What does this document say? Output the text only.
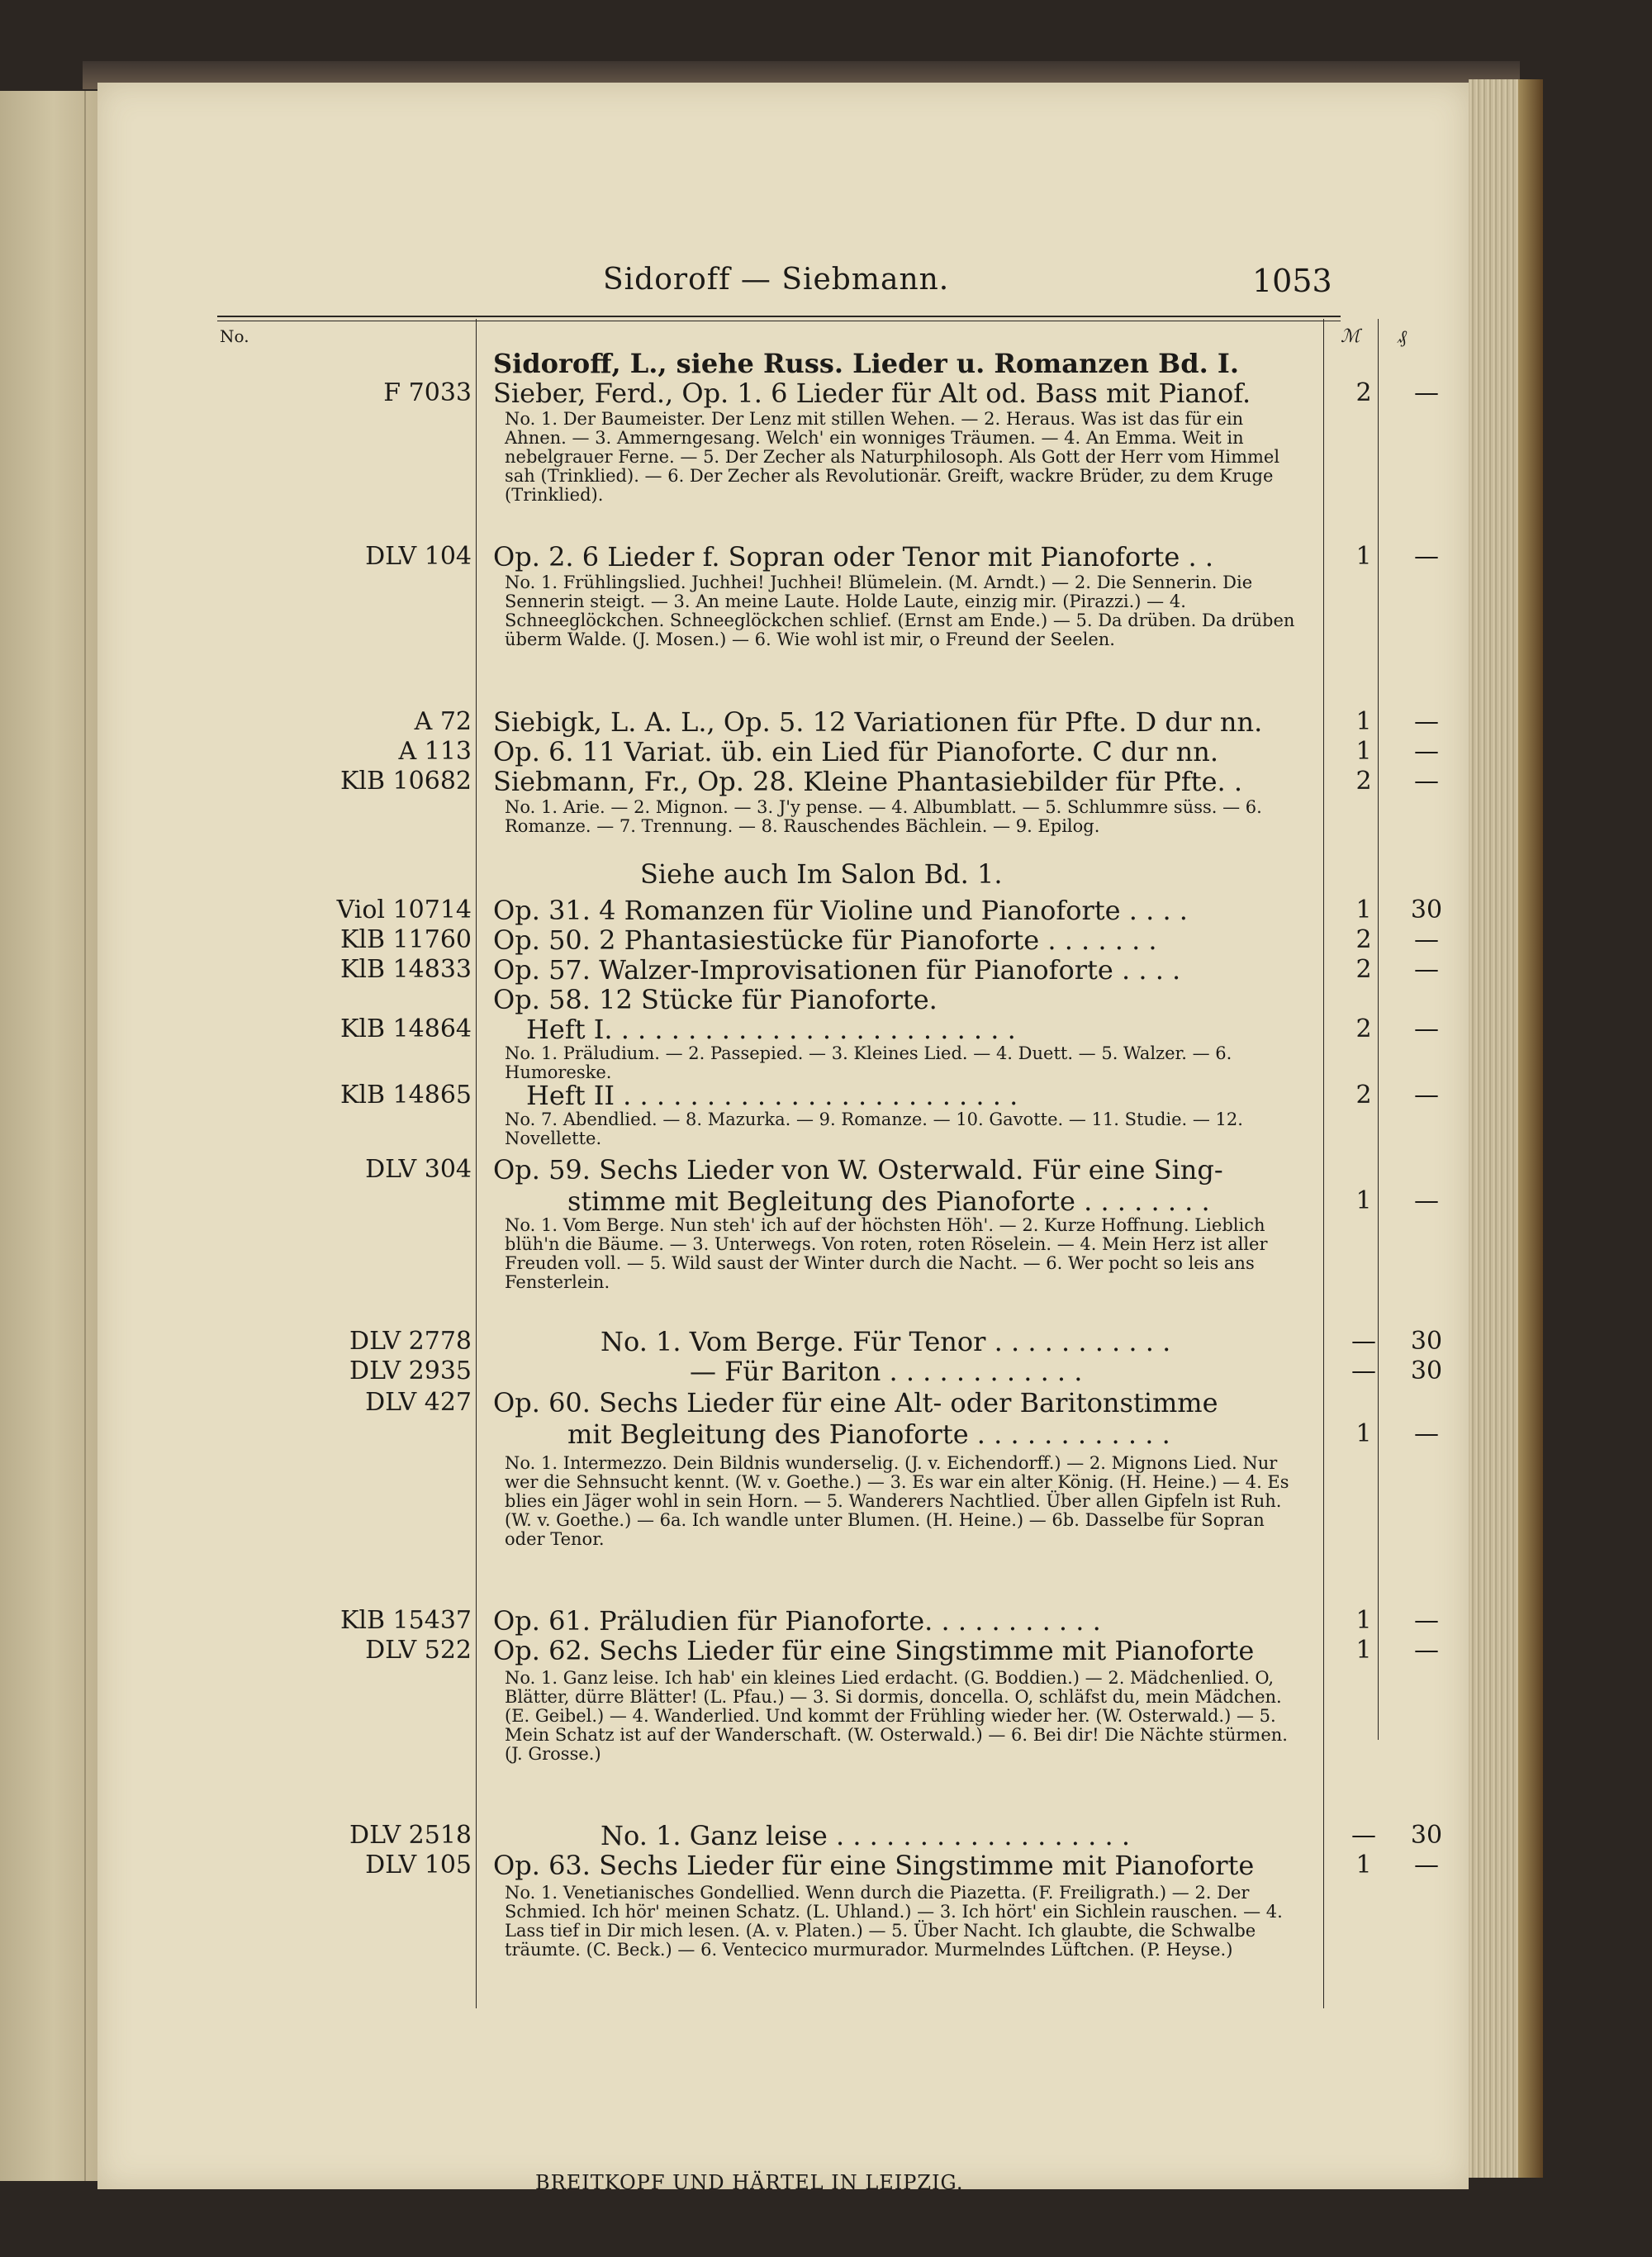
Sidoroff — Siebmann.	1053
No.	ℳ ₰
Sidoroff, L., siehe Russ. Lieder u. Romanzen Bd. I.
F 7033 Sieber, Ferd., Op. 1. 6 Lieder für Alt od. Bass mit Pianof.	2	—
No. 1. Der Baumeister. Der Lenz mit stillen Wehen. — 2. Heraus. Was ist das für ein Ahnen. — 3. Ammerngesang. Welch' ein wonniges Träumen. — 4. An Emma. Weit in nebelgrauer Ferne. — 5. Der Zecher als Naturphilosoph. Als Gott der Herr vom Himmel sah (Trinklied). — 6. Der Zecher als Revolutionär. Greift, wackre Brüder, zu dem Kruge (Trinklied).
DLV 104 Op. 2. 6 Lieder f. Sopran oder Tenor mit Pianoforte . .	1	—
No. 1. Frühlingslied. Juchhei! Juchhei! Blümelein. (M. Arndt.) — 2. Die Sennerin. Die Sennerin steigt. — 3. An meine Laute. Holde Laute, einzig mir. (Pirazzi.) — 4. Schneeglöckchen. Schneeglöckchen schlief. (Ernst am Ende.) — 5. Da drüben. Da drüben überm Walde. (J. Mosen.) — 6. Wie wohl ist mir, o Freund der Seelen.
A 72 Siebigk, L. A. L., Op. 5. 12 Variationen für Pfte. D dur nn.	1	—
A 113 Op. 6. 11 Variat. üb. ein Lied für Pianoforte. C dur nn.	1	—
KlB 10682 Siebmann, Fr., Op. 28. Kleine Phantasiebilder für Pfte. .	2	—
No. 1. Arie. — 2. Mignon. — 3. J'y pense. — 4. Albumblatt. — 5. Schlummre süss. — 6. Romanze. — 7. Trennung. — 8. Rauschendes Bächlein. — 9. Epilog.
Siehe auch Im Salon Bd. 1.
Viol 10714 Op. 31. 4 Romanzen für Violine und Pianoforte . . . .	1	30
KlB 11760 Op. 50. 2 Phantasiestücke für Pianoforte . . . . . . .	2	—
KlB 14833 Op. 57. Walzer-Improvisationen für Pianoforte . . . .	2	—
Op. 58. 12 Stücke für Pianoforte.
KlB 14864 Heft I. . . . . . . . . . . . . . . . . . . . . . . . .	2	—
No. 1. Präludium. — 2. Passepied. — 3. Kleines Lied. — 4. Duett. — 5. Walzer. — 6. Humoreske.
KlB 14865 Heft II . . . . . . . . . . . . . . . . . . . . . . . .	2	—
No. 7. Abendlied. — 8. Mazurka. — 9. Romanze. — 10. Gavotte. — 11. Studie. — 12. Novellette.
DLV 304 Op. 59. Sechs Lieder von W. Osterwald. Für eine Sing-
stimme mit Begleitung des Pianoforte . . . . . . . .	1	—
No. 1. Vom Berge. Nun steh' ich auf der höchsten Höh'. — 2. Kurze Hoffnung. Lieblich blüh'n die Bäume. — 3. Unterwegs. Von roten, roten Röselein. — 4. Mein Herz ist aller Freuden voll. — 5. Wild saust der Winter durch die Nacht. — 6. Wer pocht so leis ans Fensterlein.
DLV 2778	No. 1. Vom Berge. Für Tenor . . . . . . . . . . .	—	30
DLV 2935	— Für Bariton . . . . . . . . . . . .	—	30
DLV 427 Op. 60. Sechs Lieder für eine Alt- oder Baritonstimme
mit Begleitung des Pianoforte . . . . . . . . . . . .	1	—
No. 1. Intermezzo. Dein Bildnis wunderselig. (J. v. Eichendorff.) — 2. Mignons Lied. Nur wer die Sehnsucht kennt. (W. v. Goethe.) — 3. Es war ein alter König. (H. Heine.) — 4. Es blies ein Jäger wohl in sein Horn. — 5. Wanderers Nachtlied. Über allen Gipfeln ist Ruh. (W. v. Goethe.) — 6a. Ich wandle unter Blumen. (H. Heine.) — 6b. Dasselbe für Sopran oder Tenor.
KlB 15437 Op. 61. Präludien für Pianoforte. . . . . . . . . . .	1	—
DLV 522 Op. 62. Sechs Lieder für eine Singstimme mit Pianoforte	1	—
No. 1. Ganz leise. Ich hab' ein kleines Lied erdacht. (G. Boddien.) — 2. Mädchenlied. O, Blätter, dürre Blätter! (L. Pfau.) — 3. Si dormis, doncella. O, schläfst du, mein Mädchen. (E. Geibel.) — 4. Wanderlied. Und kommt der Frühling wieder her. (W. Osterwald.) — 5. Mein Schatz ist auf der Wanderschaft. (W. Osterwald.) — 6. Bei dir! Die Nächte stürmen. (J. Grosse.)
DLV 2518	No. 1. Ganz leise . . . . . . . . . . . . . . . . . .	—	30
DLV 105 Op. 63. Sechs Lieder für eine Singstimme mit Pianoforte	1	—
No. 1. Venetianisches Gondellied. Wenn durch die Piazetta. (F. Freiligrath.) — 2. Der Schmied. Ich hör' meinen Schatz. (L. Uhland.) — 3. Ich hört' ein Sichlein rauschen. — 4. Lass tief in Dir mich lesen. (A. v. Platen.) — 5. Über Nacht. Ich glaubte, die Schwalbe träumte. (C. Beck.) — 6. Ventecico murmurador. Murmelndes Lüftchen. (P. Heyse.)
BREITKOPF UND HÄRTEL IN LEIPZIG.
